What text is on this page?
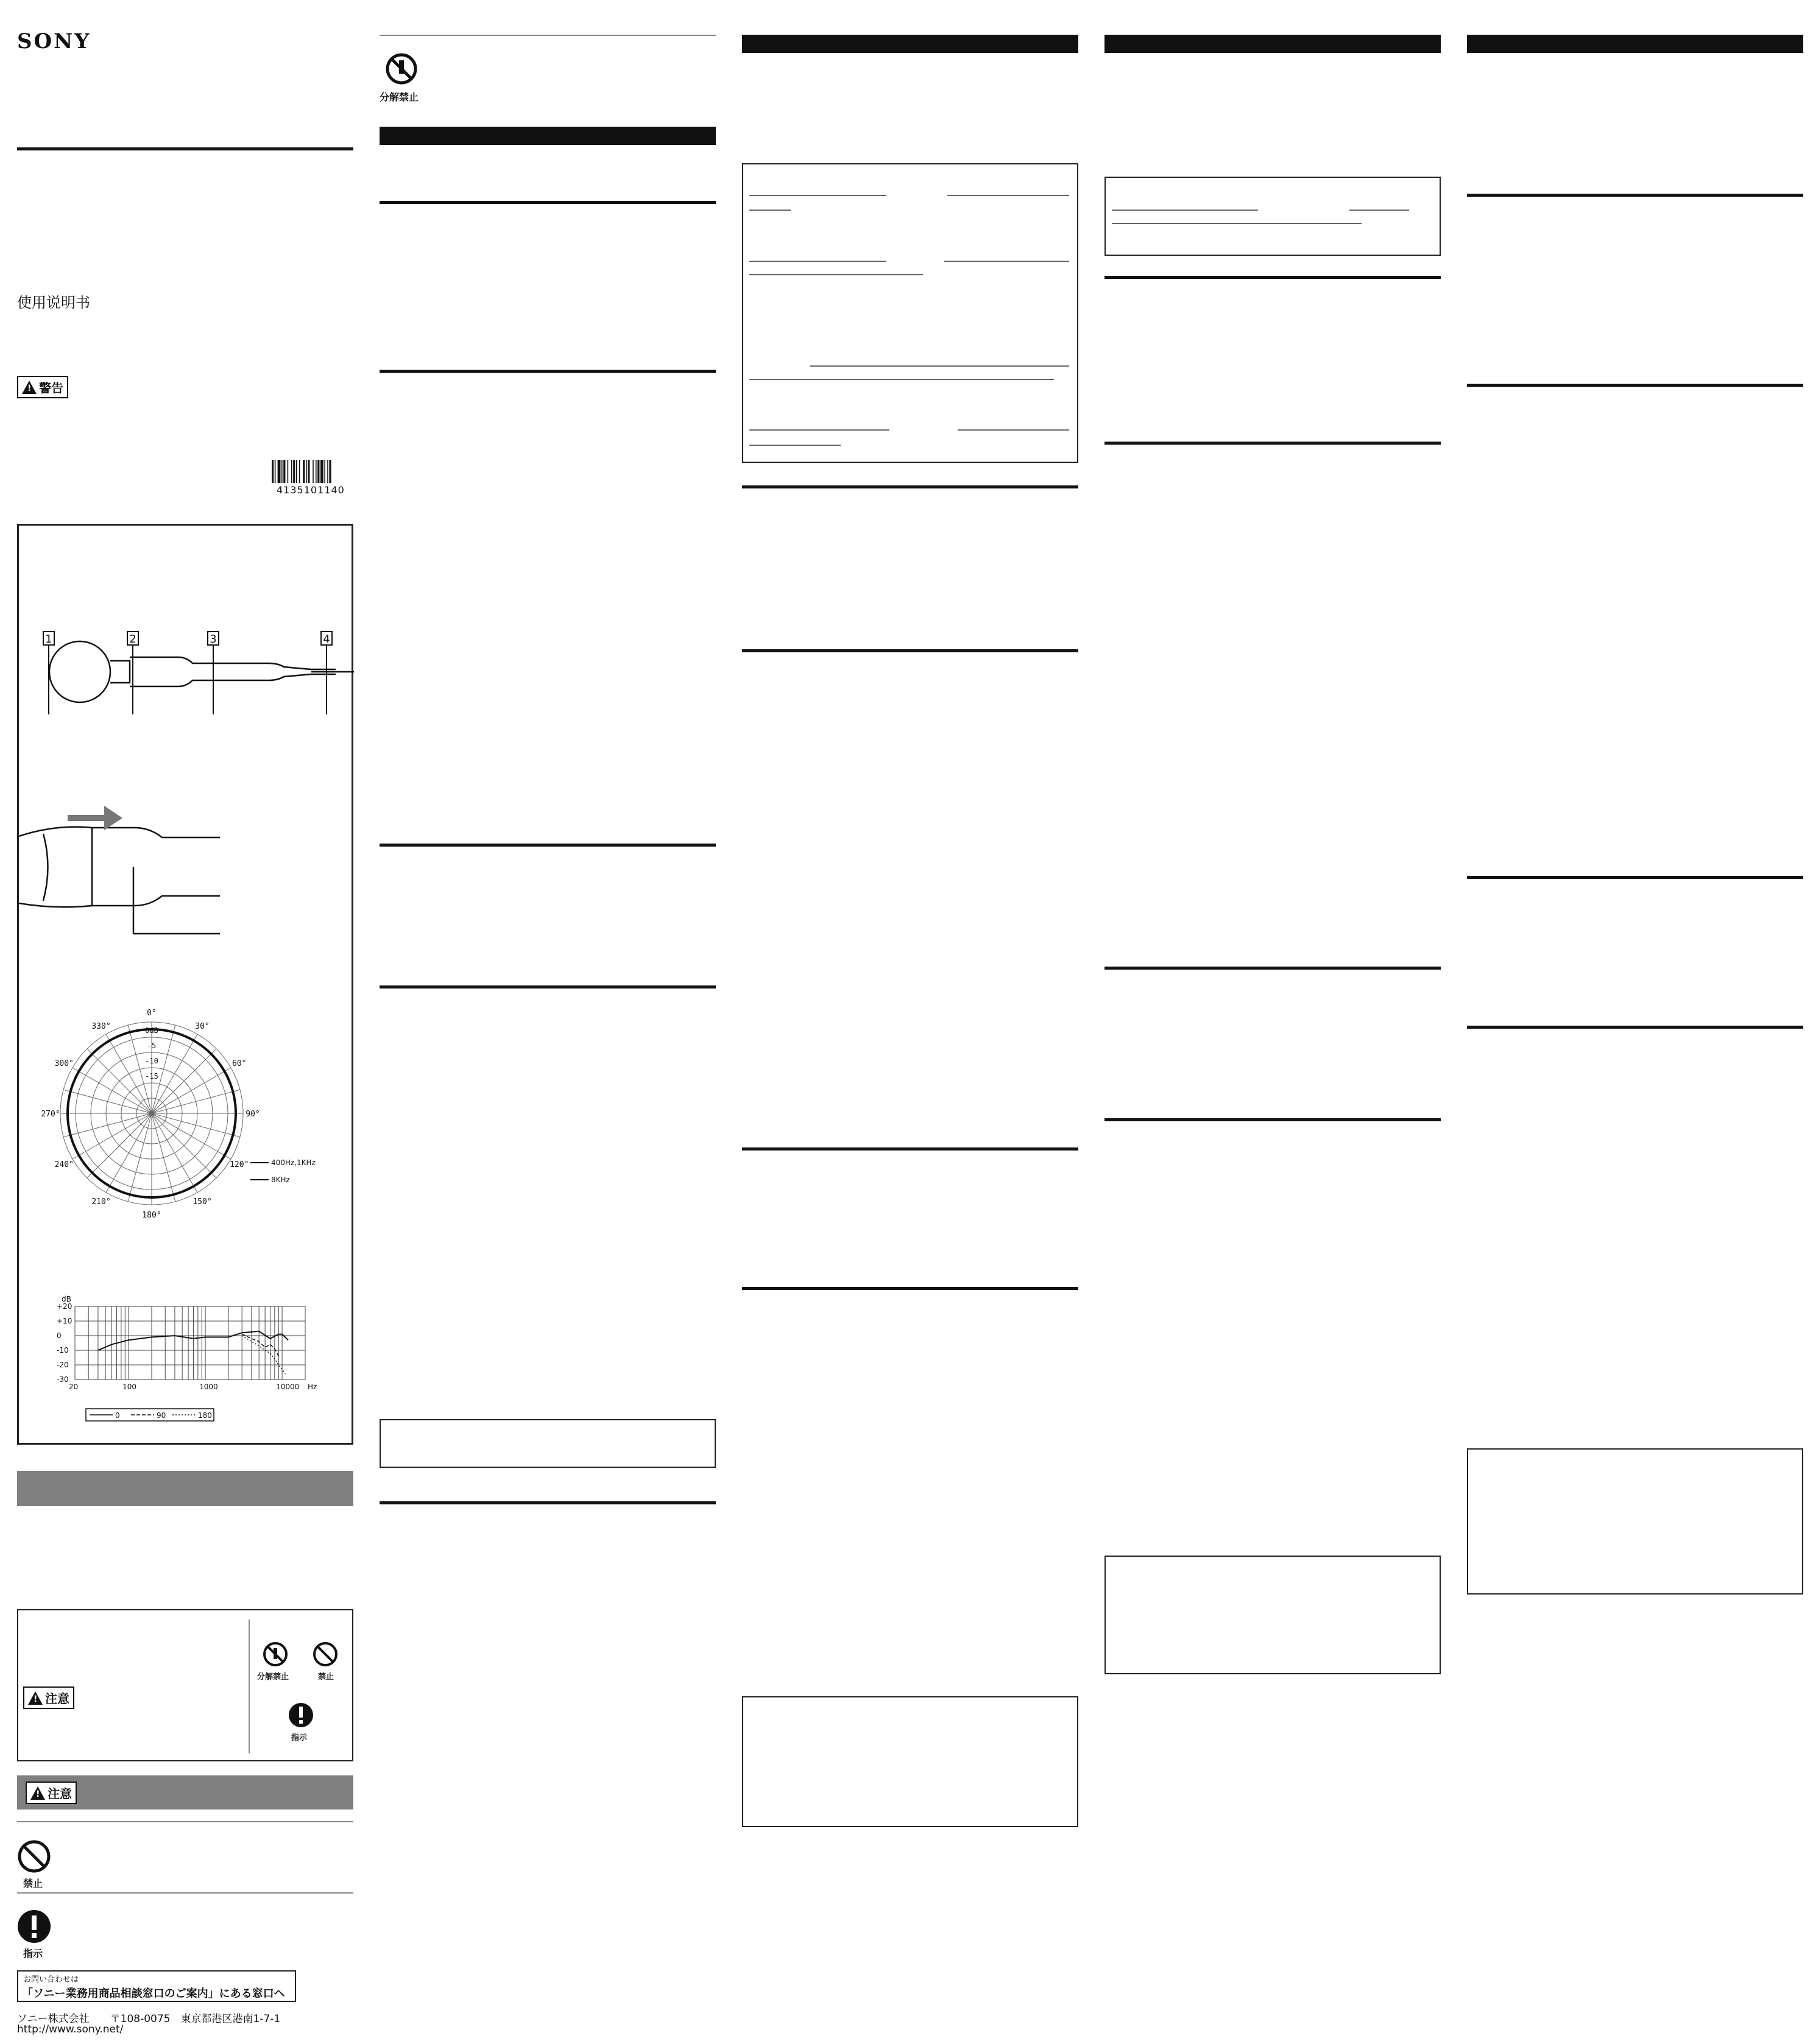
SONY
使用说明书
!
警告
4135101140
1	2	3	4
0°
30°
60°
90°
120°
150°
180°
210°
240°
270°
300°
330°	0dB
-5
-10
-15
400Hz,1KHz
8KHz
dB
+20
+10
0
-10
-20
-30
20	100	1000	10000 Hz
0	90	180
!
注意
分解禁止	禁止
指示
!
注意
禁止
指示
お問い合わせは
「ソニー業務用商品相談窓口のご案内」にある窓口へ
ソニー株式会社　　〒108-0075　東京都港区港南1-7-1
http://www.sony.net/
分解禁止
